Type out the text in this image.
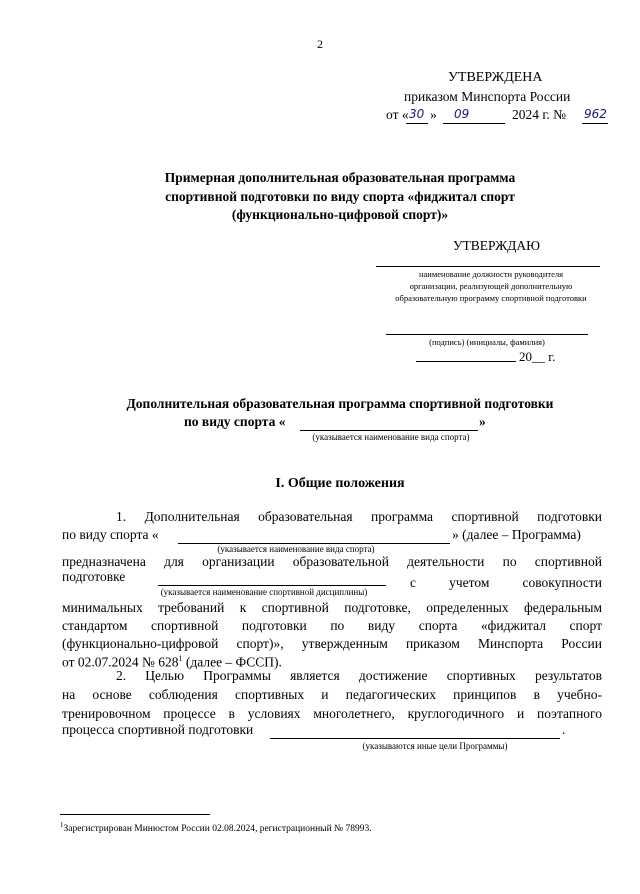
2
УТВЕРЖДЕНА
приказом Минспорта России
от « 30 » 09	2024 г. № 962
Примерная дополнительная образовательная программа
спортивной подготовки по виду спорта «фиджитал спорт
(функционально-цифровой спорт)»
УТВЕРЖДАЮ
наименование должности руководителя
организации, реализующей дополнительную
образовательную программу спортивной подготовки
(подпись) (инициалы, фамилия)
20__ г.
Дополнительная образовательная программа спортивной подготовки
по виду спорта «	»
(указывается наименование вида спорта)
I. Общие положения
1. Дополнительная образовательная программа спортивной подготовки
по виду спорта «	» (далее – Программа)
(указывается наименование вида спорта)
предназначена для организации образовательной деятельности по спортивной
подготовке	с учетом совокупности
(указывается наименование спортивной дисциплины)
минимальных требований к спортивной подготовке, определенных федеральным
стандартом спортивной подготовки по виду спорта «фиджитал спорт
(функционально-цифровой спорт)», утвержденным приказом Минспорта России
от 02.07.2024 № $628^1$ (далее – ФССП).
2. Целью Программы является достижение спортивных результатов
на основе соблюдения спортивных и педагогических принципов в учебно-
тренировочном процессе в условиях многолетнего, круглогодичного и поэтапного
процесса спортивной подготовки	.
(указываются иные цели Программы)
$^1$Зарегистрирован Минюстом России 02.08.2024, регистрационный № 78993.
